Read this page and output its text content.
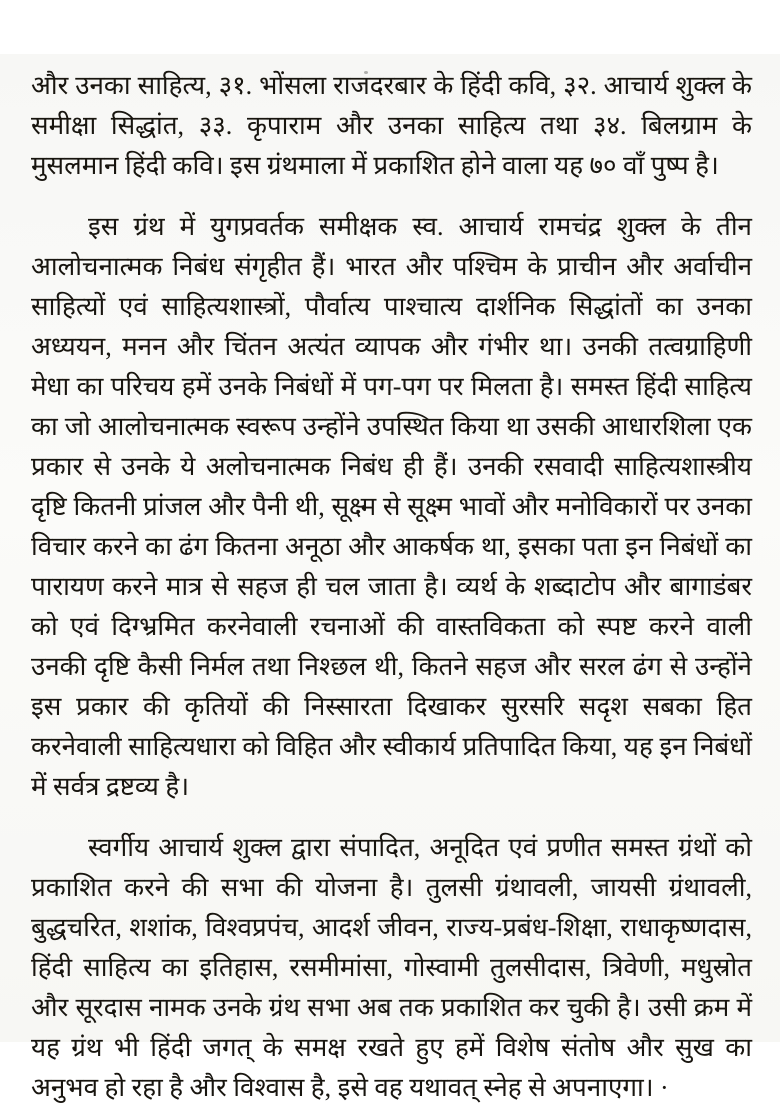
और उनका साहित्य, ३१. भोंसला राजदरबार के हिंदी कवि, ३२. आचार्य शुक्ल के समीक्षा सिद्धांत, ३३. कृपाराम और उनका साहित्य तथा ३४. बिलग्राम के मुसलमान हिंदी कवि। इस ग्रंथमाला में प्रकाशित होने वाला यह ७० वाँ पुष्प है।

इस ग्रंथ में युगप्रवर्तक समीक्षक स्व. आचार्य रामचंद्र शुक्ल के तीन आलोचनात्मक निबंध संगृहीत हैं। भारत और पश्चिम के प्राचीन और अर्वाचीन साहित्यों एवं साहित्यशास्त्रों, पौर्वात्य पाश्चात्य दार्शनिक सिद्धांतों का उनका अध्ययन, मनन और चिंतन अत्यंत व्यापक और गंभीर था। उनकी तत्वग्राहिणी मेधा का परिचय हमें उनके निबंधों में पग-पग पर मिलता है। समस्त हिंदी साहित्य का जो आलोचनात्मक स्वरूप उन्होंने उपस्थित किया था उसकी आधारशिला एक प्रकार से उनके ये अलोचनात्मक निबंध ही हैं। उनकी रसवादी साहित्यशास्त्रीय दृष्टि कितनी प्रांजल और पैनी थी, सूक्ष्म से सूक्ष्म भावों और मनोविकारों पर उनका विचार करने का ढंग कितना अनूठा और आकर्षक था, इसका पता इन निबंधों का पारायण करने मात्र से सहज ही चल जाता है। व्यर्थ के शब्दाटोप और बागाडंबर को एवं दिग्भ्रमित करनेवाली रचनाओं की वास्तविकता को स्पष्ट करने वाली उनकी दृष्टि कैसी निर्मल तथा निश्छल थी, कितने सहज और सरल ढंग से उन्होंने इस प्रकार की कृतियों की निस्सारता दिखाकर सुरसरि सदृश सबका हित करनेवाली साहित्यधारा को विहित और स्वीकार्य प्रतिपादित किया, यह इन निबंधों में सर्वत्र द्रष्टव्य है।

स्वर्गीय आचार्य शुक्ल द्वारा संपादित, अनूदित एवं प्रणीत समस्त ग्रंथों को प्रकाशित करने की सभा की योजना है। तुलसी ग्रंथावली, जायसी ग्रंथावली, बुद्धचरित, शशांक, विश्वप्रपंच, आदर्श जीवन, राज्य-प्रबंध-शिक्षा, राधाकृष्णदास, हिंदी साहित्य का इतिहास, रसमीमांसा, गोस्वामी तुलसीदास, त्रिवेणी, मधुस्रोत और सूरदास नामक उनके ग्रंथ सभा अब तक प्रकाशित कर चुकी है। उसी क्रम में यह ग्रंथ भी हिंदी जगत् के समक्ष रखते हुए हमें विशेष संतोष और सुख का अनुभव हो रहा है और विश्वास है, इसे वह यथावत् स्नेह से अपनाएगा। ·
